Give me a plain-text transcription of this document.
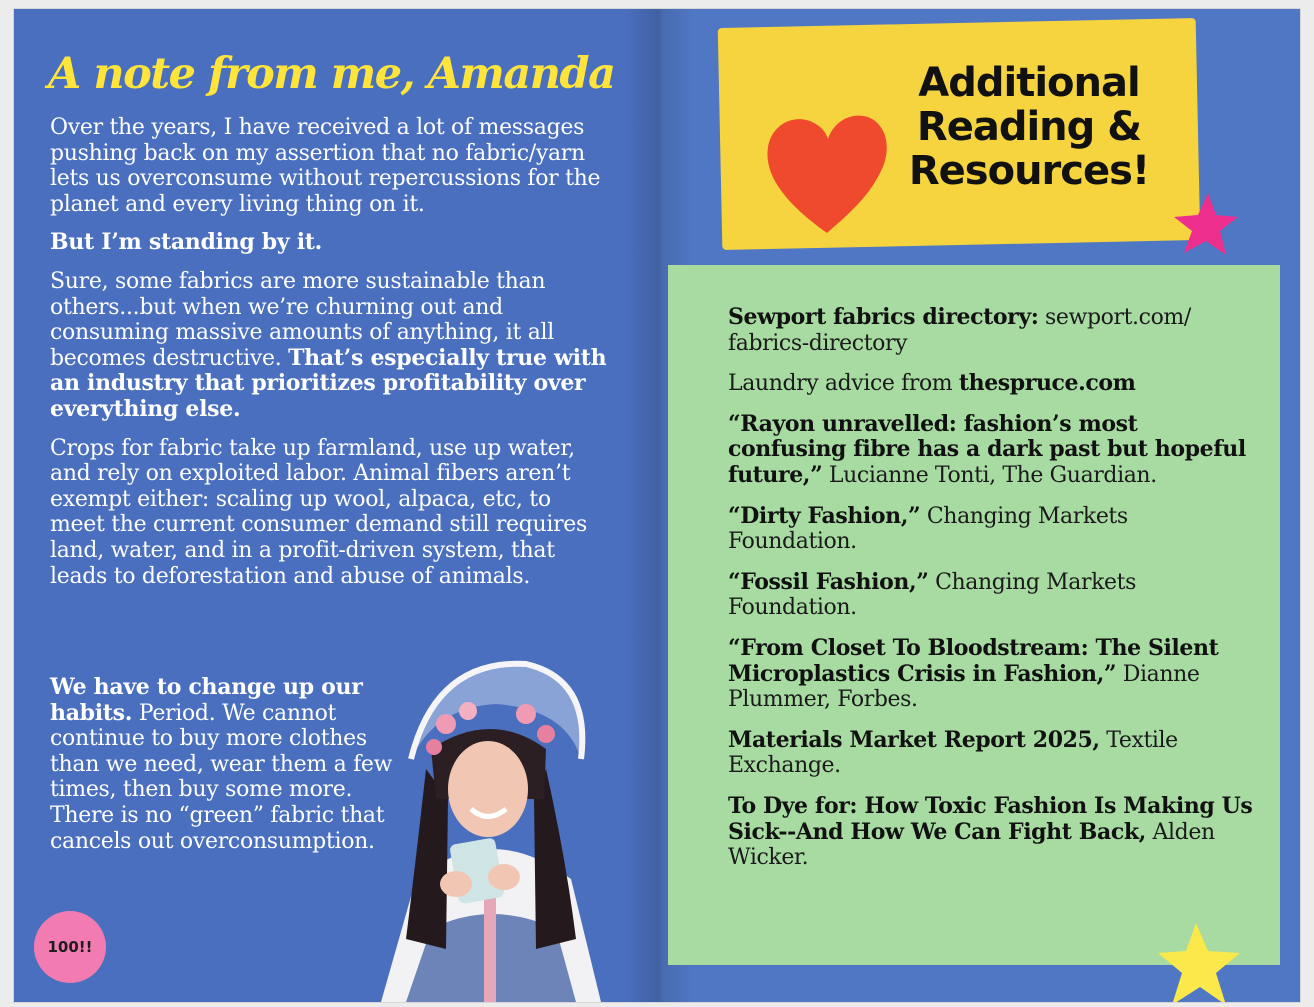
A note from me, Amanda

Over the years, I have received a lot of messages pushing back on my assertion that no fabric/yarn lets us overconsume without repercussions for the planet and every living thing on it.

But I’m standing by it.

Sure, some fabrics are more sustainable than others...but when we’re churning out and consuming massive amounts of anything, it all becomes destructive. That’s especially true with an industry that prioritizes profitability over everything else.

Crops for fabric take up farmland, use up water, and rely on exploited labor. Animal fibers aren’t exempt either: scaling up wool, alpaca, etc, to meet the current consumer demand still requires land, water, and in a profit-driven system, that leads to deforestation and abuse of animals.

We have to change up our habits. Period. We cannot continue to buy more clothes than we need, wear them a few times, then buy some more. There is no “green” fabric that cancels out overconsumption.

100!!
Additional Reading & Resources!

Sewport fabrics directory: sewport.com/ fabrics-directory

Laundry advice from thespruce.com

“Rayon unravelled: fashion’s most confusing fibre has a dark past but hopeful future,” Lucianne Tonti, The Guardian.

“Dirty Fashion,” Changing Markets Foundation.

“Fossil Fashion,” Changing Markets Foundation.

“From Closet To Bloodstream: The Silent Microplastics Crisis in Fashion,” Dianne Plummer, Forbes.

Materials Market Report 2025, Textile Exchange.

To Dye for: How Toxic Fashion Is Making Us Sick--And How We Can Fight Back, Alden Wicker.
